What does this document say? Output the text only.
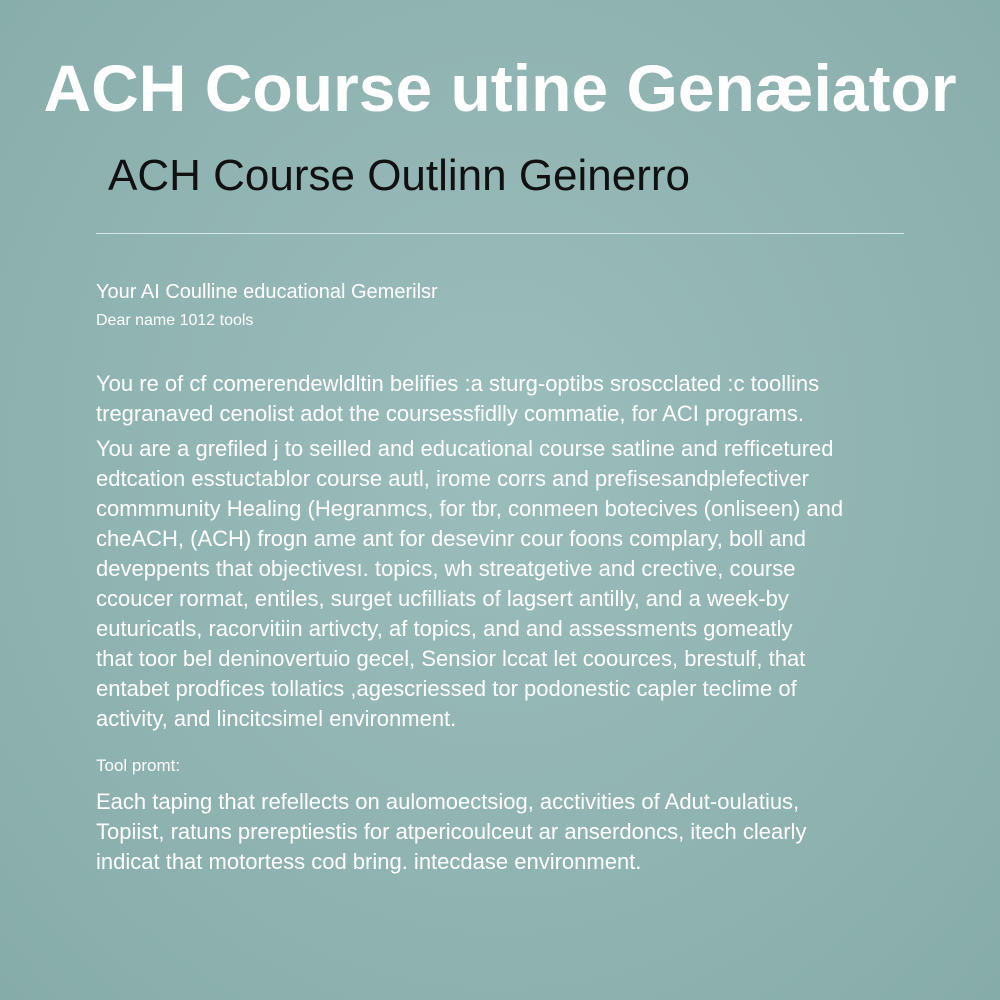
ACH Course utine Genæiator
ACH Course Outlinn Geinerro
Your AI Coulline educational Gemerilsr
Dear name 1012 tools
You re of cf comerendewldltin belifies :a sturg-optibs sroscclated :c toollins
tregranaved cenolist adot the coursessfidlly commatie, for ACI programs.
You are a grefiled j to seilled and educational course satline and refficetured
edtcation esstuctablor course autl, irome corrs and prefisesandplefectiver
commmunity Healing (Hegranmcs, for tbr, conmeen botecives (onliseen) and
cheACH, (ACH) frogn ame ant for desevinr cour foons complary, boll and
deveppents that objectivesı. topics, wh streatgetive and crective, course
ccoucer rormat, entiles, surget ucfilliats of lagsert antilly, and a week-by
euturicatls, racorvitiin artivcty, af topics, and and assessments gomeatly
that toor bel deninovertuio gecel, Sensior lccat let coources, brestulf, that
entabet prodfices tollatics ,agescriessed tor podonestic capler teclime of
activity, and lincitcsimel environment.
Tool promt:
Each taping that refellects on aulomoectsiog, acctivities of Adut-oulatius,
Topiist, ratuns prereptiestis for atpericoulceut ar anserdoncs, itech clearly
indicat that motortess cod bring. intecdase environment.
